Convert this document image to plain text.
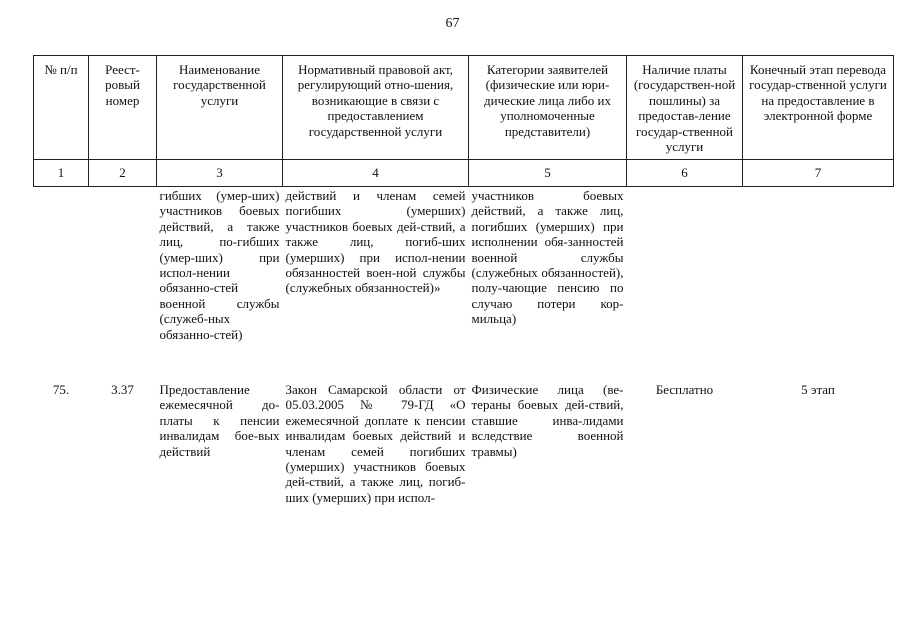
67
№ п/п	Реест-ровый номер	Наименование государственной услуги	Нормативный правовой акт, регулирующий отно-шения, возникающие в связи с предоставлением государственной услуги	Категории заявителей (физические или юри-дические лица либо их уполномоченные представители)	Наличие платы (государствен-ной пошлины) за предостав-ление государ-ственной услуги	Конечный этап перевода государ-ственной услуги на предоставление в электронной форме
1	2	3	4	5	6	7
		гибших (умер-ших) участников боевых действий, а также лиц, по-гибших (умер-ших) при испол-нении обязанно-стей военной службы (служеб-ных обязанно-стей)	действий и членам семей погибших (умерших) участников боевых дей-ствий, а также лиц, погиб-ших (умерших) при испол-нении обязанностей воен-ной службы (служебных обязанностей)»	участников боевых действий, а также лиц, погибших (умерших) при исполнении обя-занностей военной службы (служебных обязанностей), полу-чающие пенсию по случаю потери кор-мильца)		
75.	3.37	Предоставление ежемесячной до-платы к пенсии инвалидам бое-вых действий	Закон Самарской области от 05.03.2005 № 79-ГД «О ежемесячной доплате к пенсии инвалидам боевых действий и членам семей погибших (умерших) участников боевых дей-ствий, а также лиц, погиб-ших (умерших) при испол-	Физические лица (ве-тераны боевых дей-ствий, ставшие инва-лидами вследствие военной травмы)	Бесплатно	5 этап
